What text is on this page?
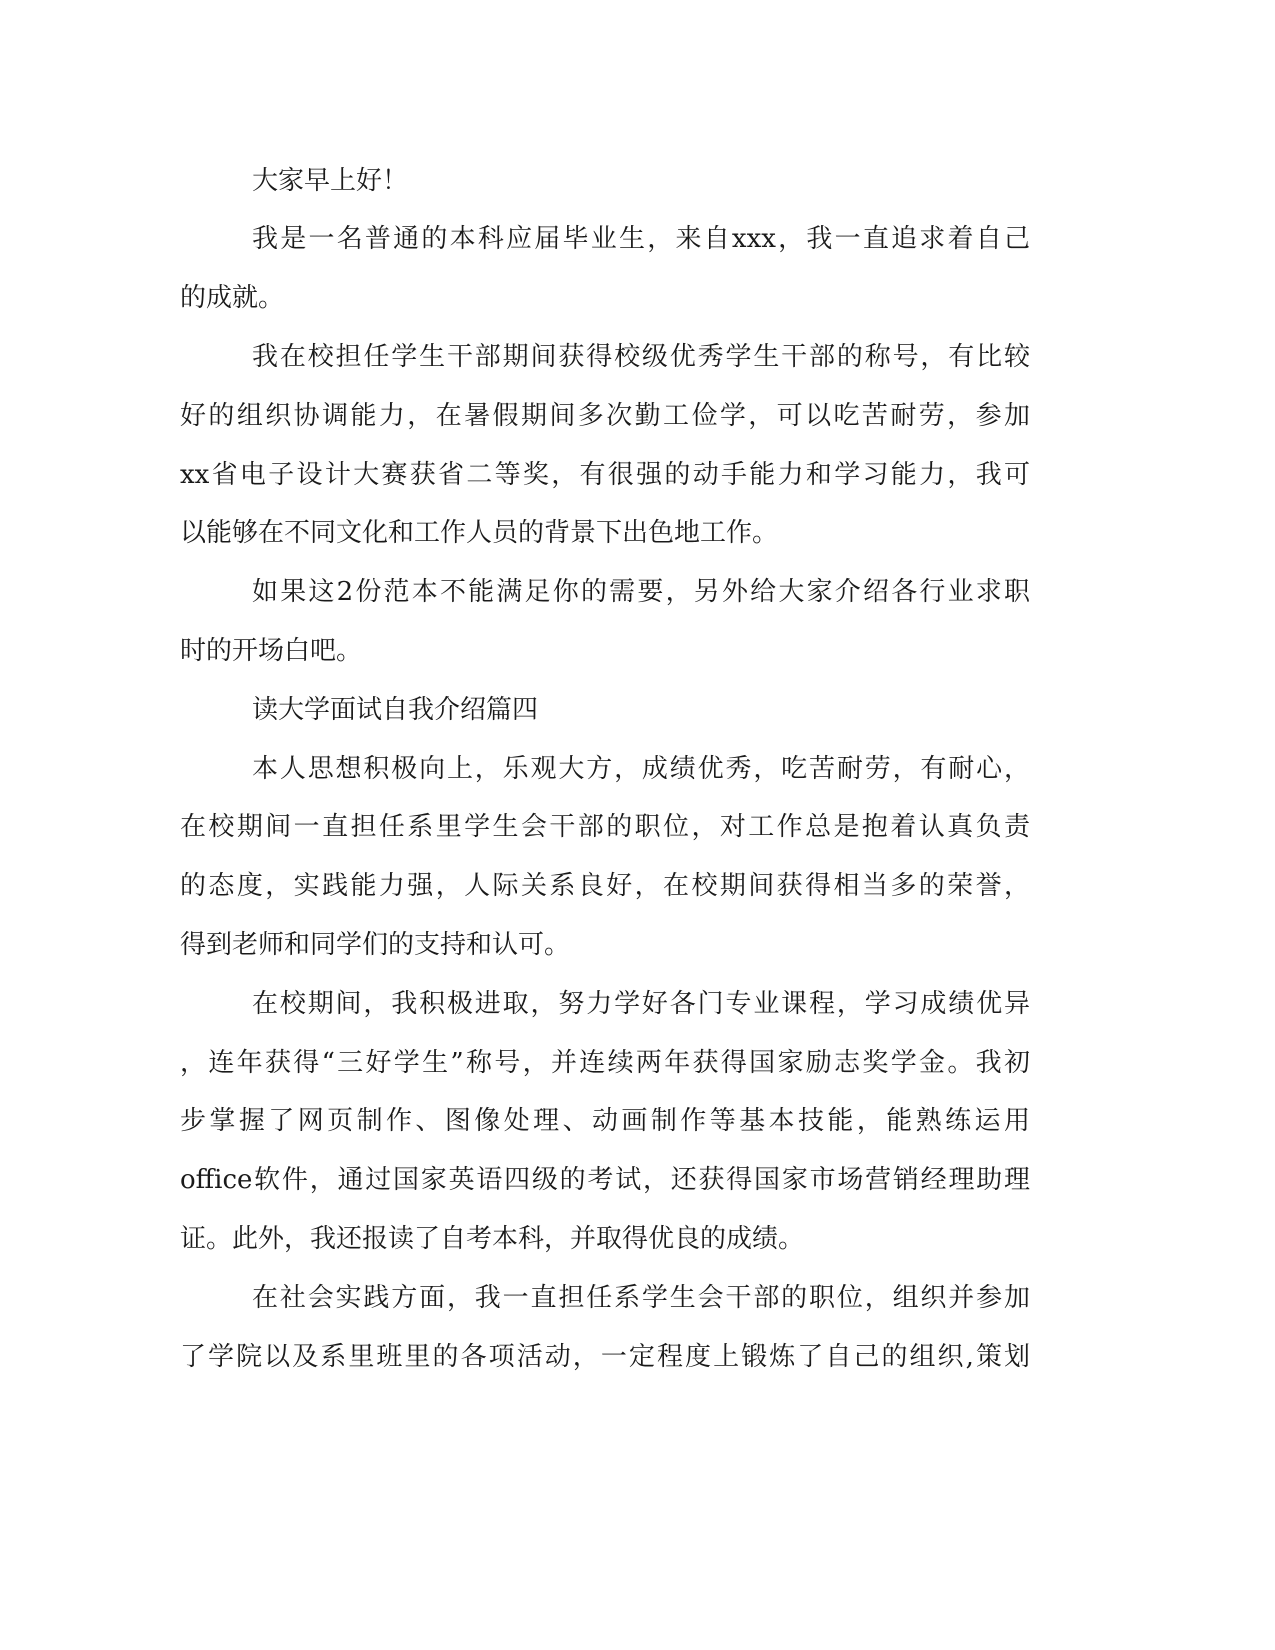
大家早上好！
我是一名普通的本科应届毕业生，来自xxx，我一直追求着自己
的成就。
我在校担任学生干部期间获得校级优秀学生干部的称号，有比较
好的组织协调能力，在暑假期间多次勤工俭学，可以吃苦耐劳，参加
xx省电子设计大赛获省二等奖，有很强的动手能力和学习能力，我可
以能够在不同文化和工作人员的背景下出色地工作。
如果这2份范本不能满足你的需要，另外给大家介绍各行业求职
时的开场白吧。
读大学面试自我介绍篇四
本人思想积极向上，乐观大方，成绩优秀，吃苦耐劳，有耐心，
在校期间一直担任系里学生会干部的职位，对工作总是抱着认真负责
的态度，实践能力强，人际关系良好，在校期间获得相当多的荣誉，
得到老师和同学们的支持和认可。
在校期间，我积极进取，努力学好各门专业课程，学习成绩优异
，连年获得“三好学生”称号，并连续两年获得国家励志奖学金。我初
步掌握了网页制作、图像处理、动画制作等基本技能，能熟练运用
office软件，通过国家英语四级的考试，还获得国家市场营销经理助理
证。此外，我还报读了自考本科，并取得优良的成绩。
在社会实践方面，我一直担任系学生会干部的职位，组织并参加
了学院以及系里班里的各项活动，一定程度上锻炼了自己的组织,策划
